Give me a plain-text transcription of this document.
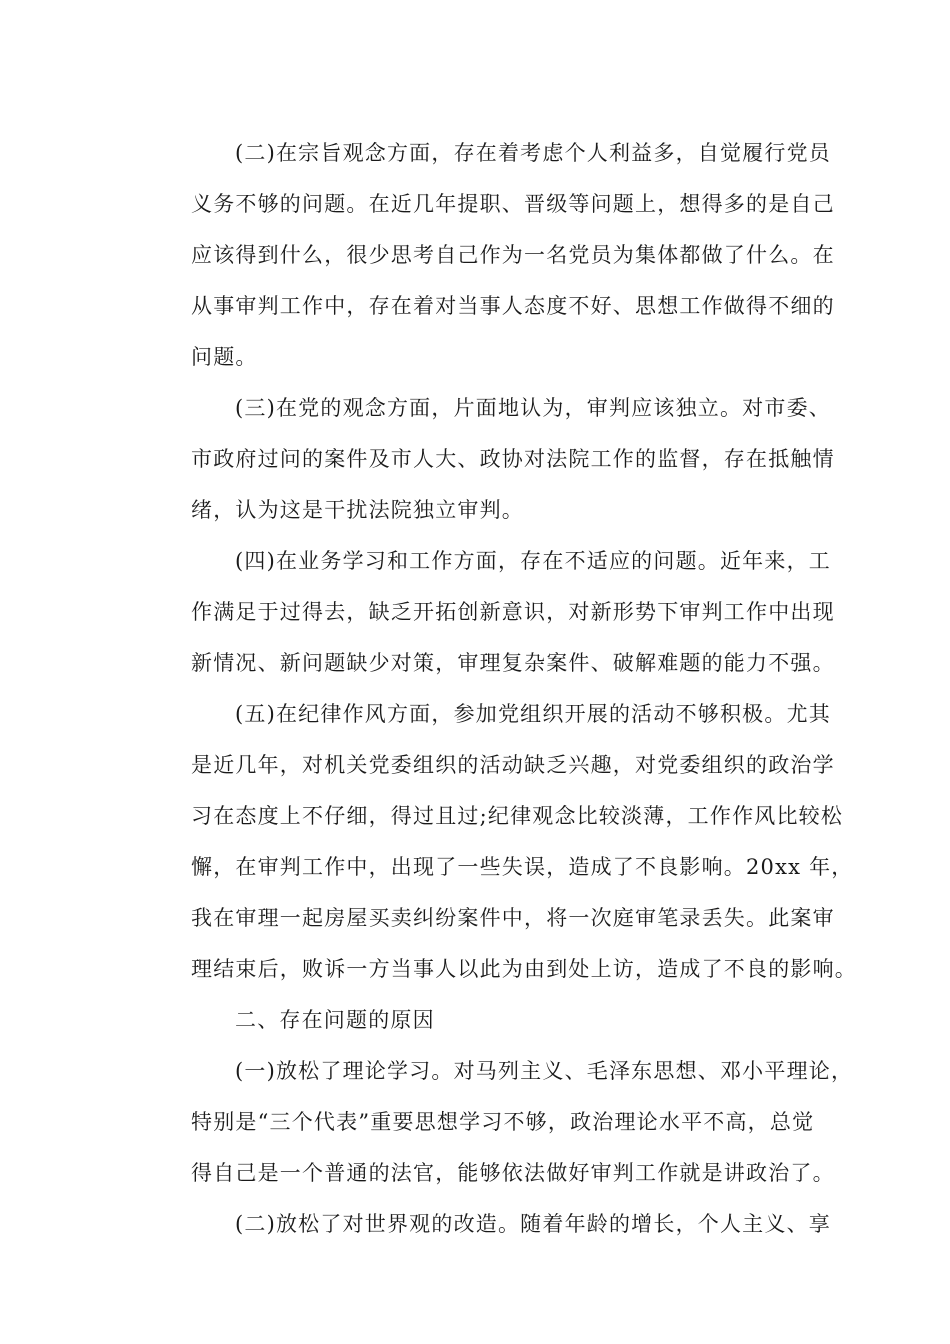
(二)在宗旨观念方面，存在着考虑个人利益多，自觉履行党员
义务不够的问题。在近几年提职、晋级等问题上，想得多的是自己
应该得到什么，很少思考自己作为一名党员为集体都做了什么。在
从事审判工作中，存在着对当事人态度不好、思想工作做得不细的
问题。
(三)在党的观念方面，片面地认为，审判应该独立。对市委、
市政府过问的案件及市人大、政协对法院工作的监督，存在抵触情
绪，认为这是干扰法院独立审判。
(四)在业务学习和工作方面，存在不适应的问题。近年来，工
作满足于过得去，缺乏开拓创新意识，对新形势下审判工作中出现
新情况、新问题缺少对策，审理复杂案件、破解难题的能力不强。
(五)在纪律作风方面，参加党组织开展的活动不够积极。尤其
是近几年，对机关党委组织的活动缺乏兴趣，对党委组织的政治学
习在态度上不仔细，得过且过;纪律观念比较淡薄，工作作风比较松
懈，在审判工作中，出现了一些失误，造成了不良影响。20xx 年，
我在审理一起房屋买卖纠纷案件中，将一次庭审笔录丢失。此案审
理结束后，败诉一方当事人以此为由到处上访，造成了不良的影响。
二、存在问题的原因
(一)放松了理论学习。对马列主义、毛泽东思想、邓小平理论，
特别是“三个代表”重要思想学习不够，政治理论水平不高，总觉
得自己是一个普通的法官，能够依法做好审判工作就是讲政治了。
(二)放松了对世界观的改造。随着年龄的增长，个人主义、享
